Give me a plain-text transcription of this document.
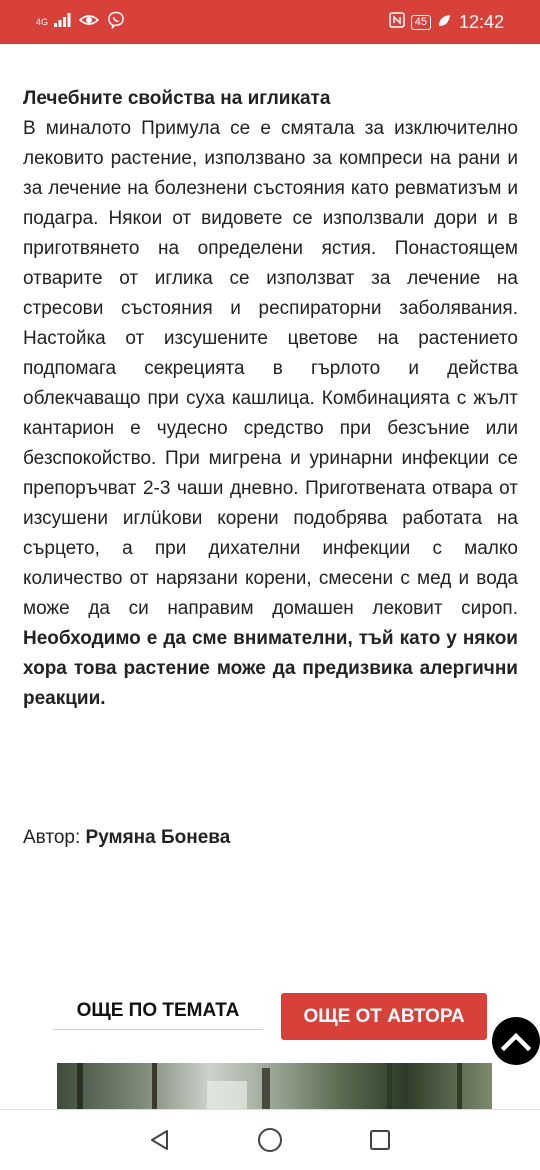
4G	45 12:42
Лечебните свойства на игликата
В миналото Примула се е смятала за изключително лековито растение, използвано за компреси на рани и за лечение на болезнени състояния като ревматизъм и подагра. Някои от видовете се използвали дори и в приготвянето на определени ястия. Понастоящем отварите от иглика се използват за лечение на стресови състояния и респираторни заболявания. Настойка от изсушените цветове на растението подпомага секрецията в гърлото и действа облекчаващо при суха кашлица. Комбинацията с жълт кантарион е чудесно средство при безсъние или безспокойство. При мигрена и уринарни инфекции се препоръчват 2-3 чаши дневно. Приготвената отвара от изсушени иглükови корени подобрява работата на сърцето, а при дихателни инфекции с малко количество от нарязани корени, смесени с мед и вода може да си направим домашен лековит сироп. Необходимо е да сме внимателни, тъй като у някои хора това растение може да предизвика алергични реакции.
Автор: Румяна Бонева
ОЩЕ ПО ТЕМАТА	ОЩЕ ОТ АВТОРА
